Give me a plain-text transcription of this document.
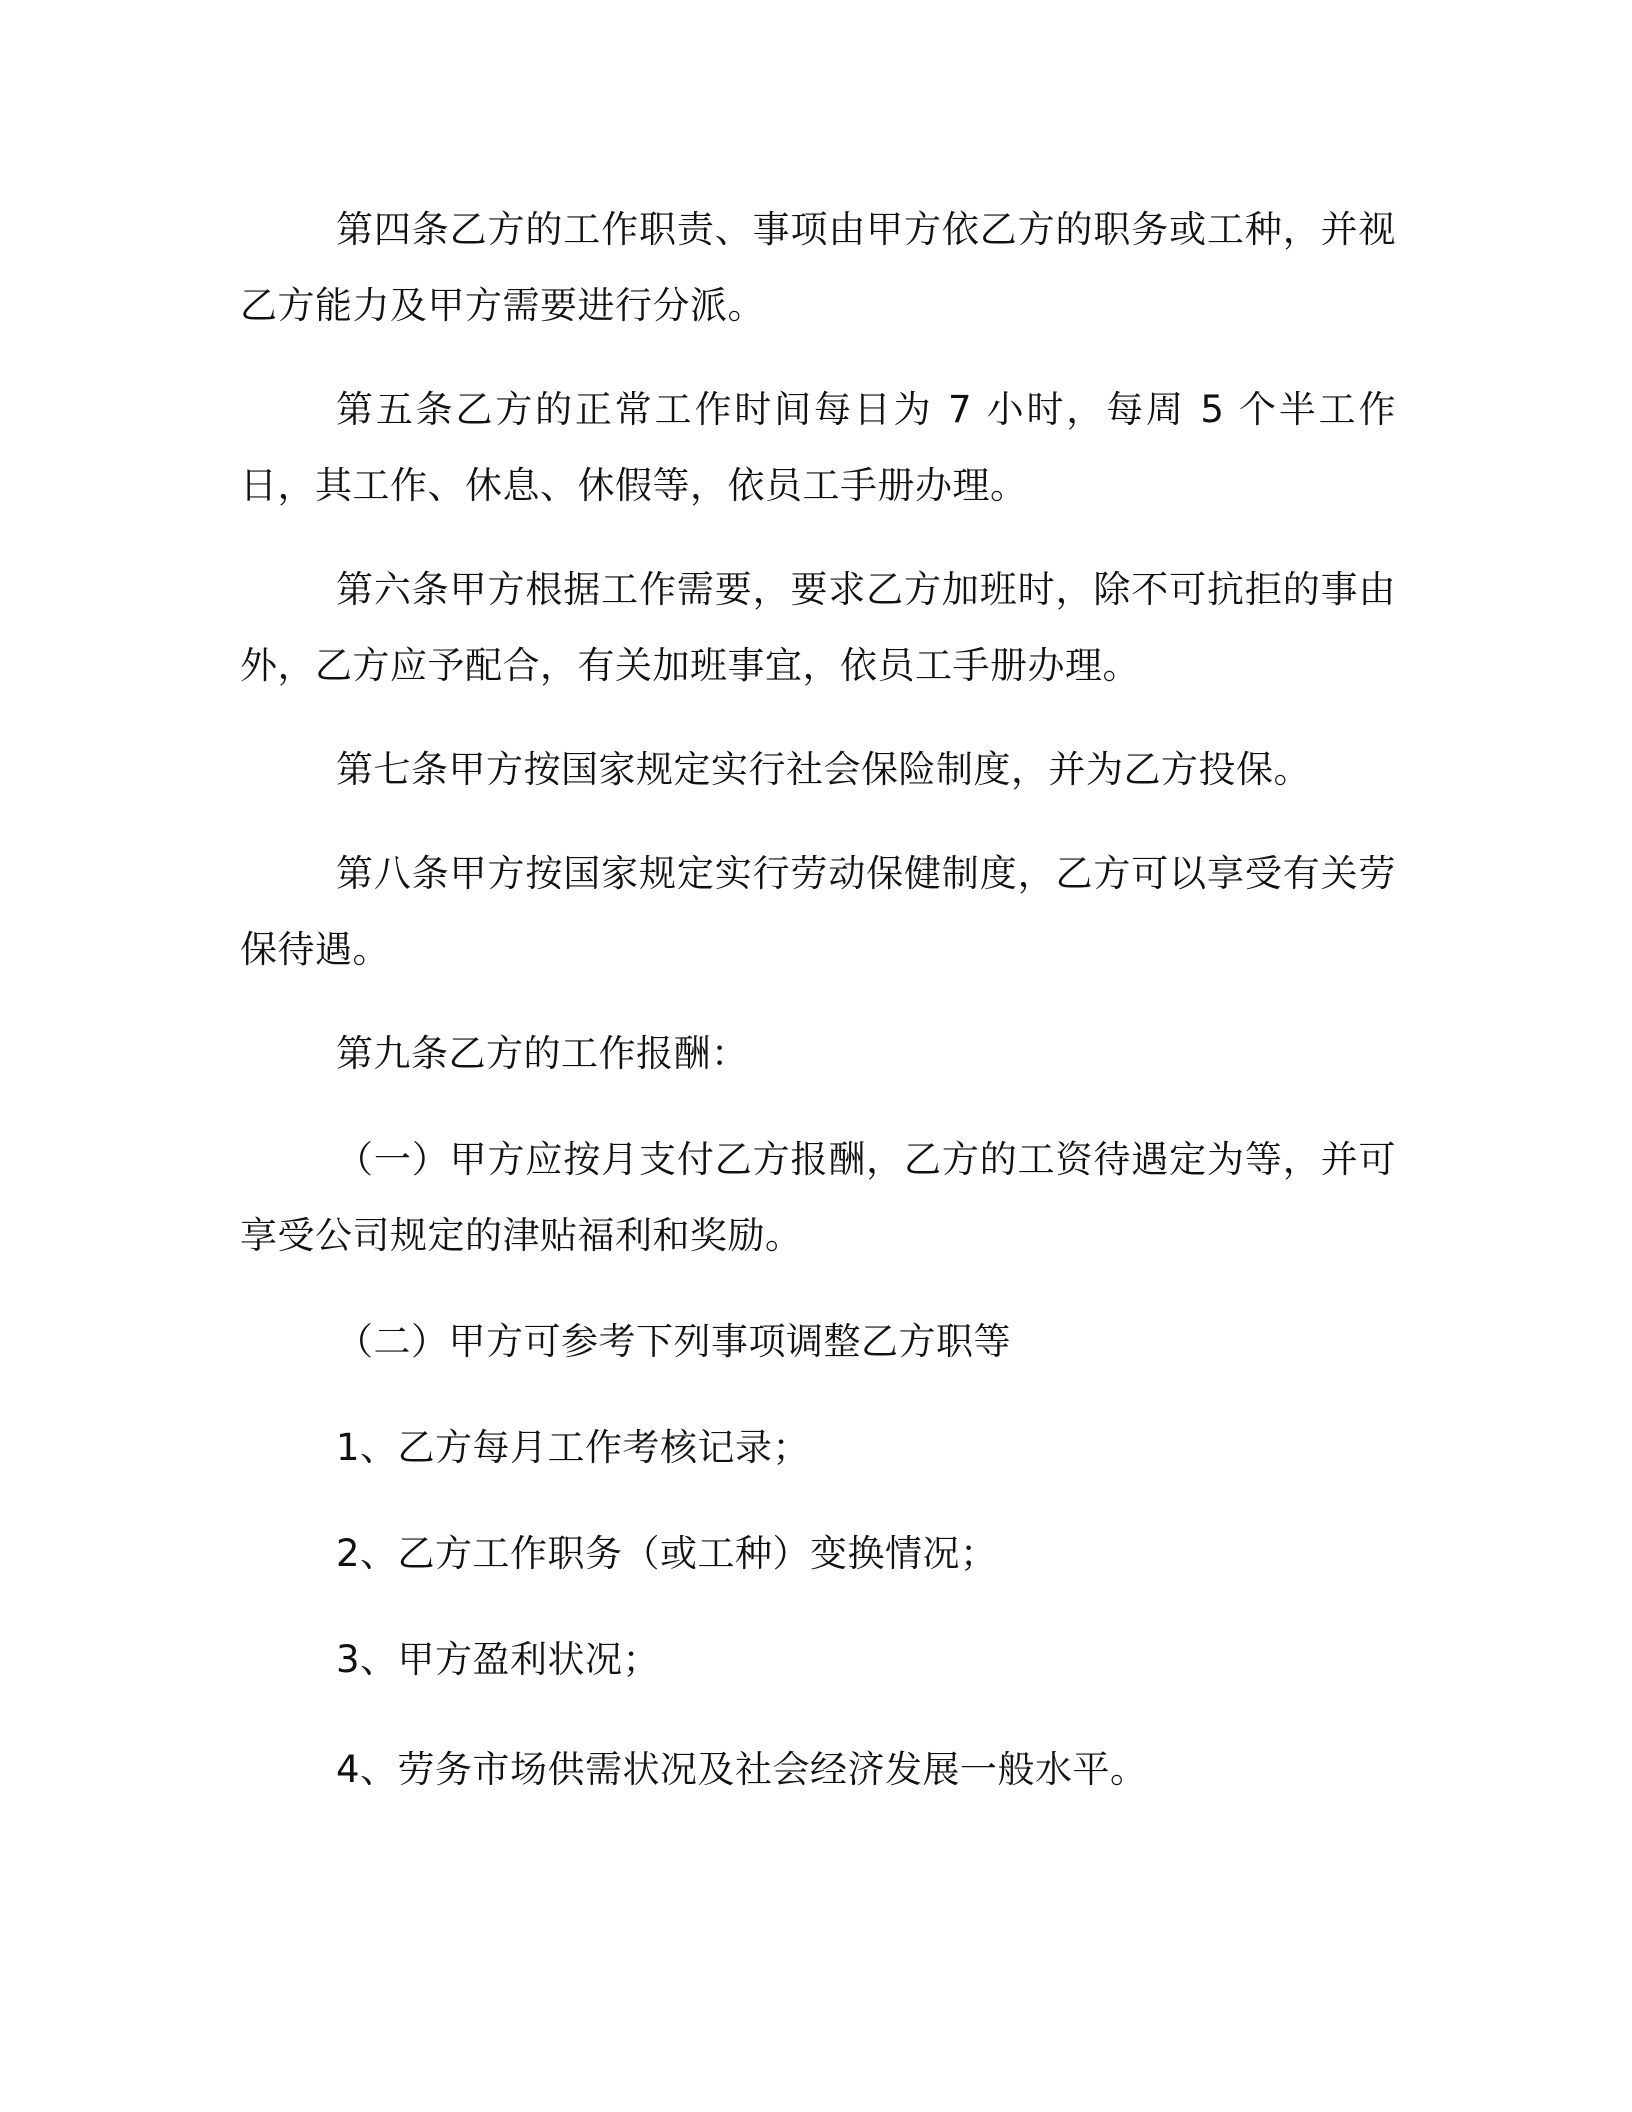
第四条乙方的工作职责、事项由甲方依乙方的职务或工种，并视乙方能力及甲方需要进行分派。

第五条乙方的正常工作时间每日为 7 小时，每周 5 个半工作日，其工作、休息、休假等，依员工手册办理。

第六条甲方根据工作需要，要求乙方加班时，除不可抗拒的事由外，乙方应予配合，有关加班事宜，依员工手册办理。

第七条甲方按国家规定实行社会保险制度，并为乙方投保。

第八条甲方按国家规定实行劳动保健制度，乙方可以享受有关劳保待遇。

第九条乙方的工作报酬：

（一）甲方应按月支付乙方报酬，乙方的工资待遇定为等，并可享受公司规定的津贴福利和奖励。

（二）甲方可参考下列事项调整乙方职等

1、乙方每月工作考核记录；

2、乙方工作职务（或工种）变换情况；

3、甲方盈利状况；

4、劳务市场供需状况及社会经济发展一般水平。
